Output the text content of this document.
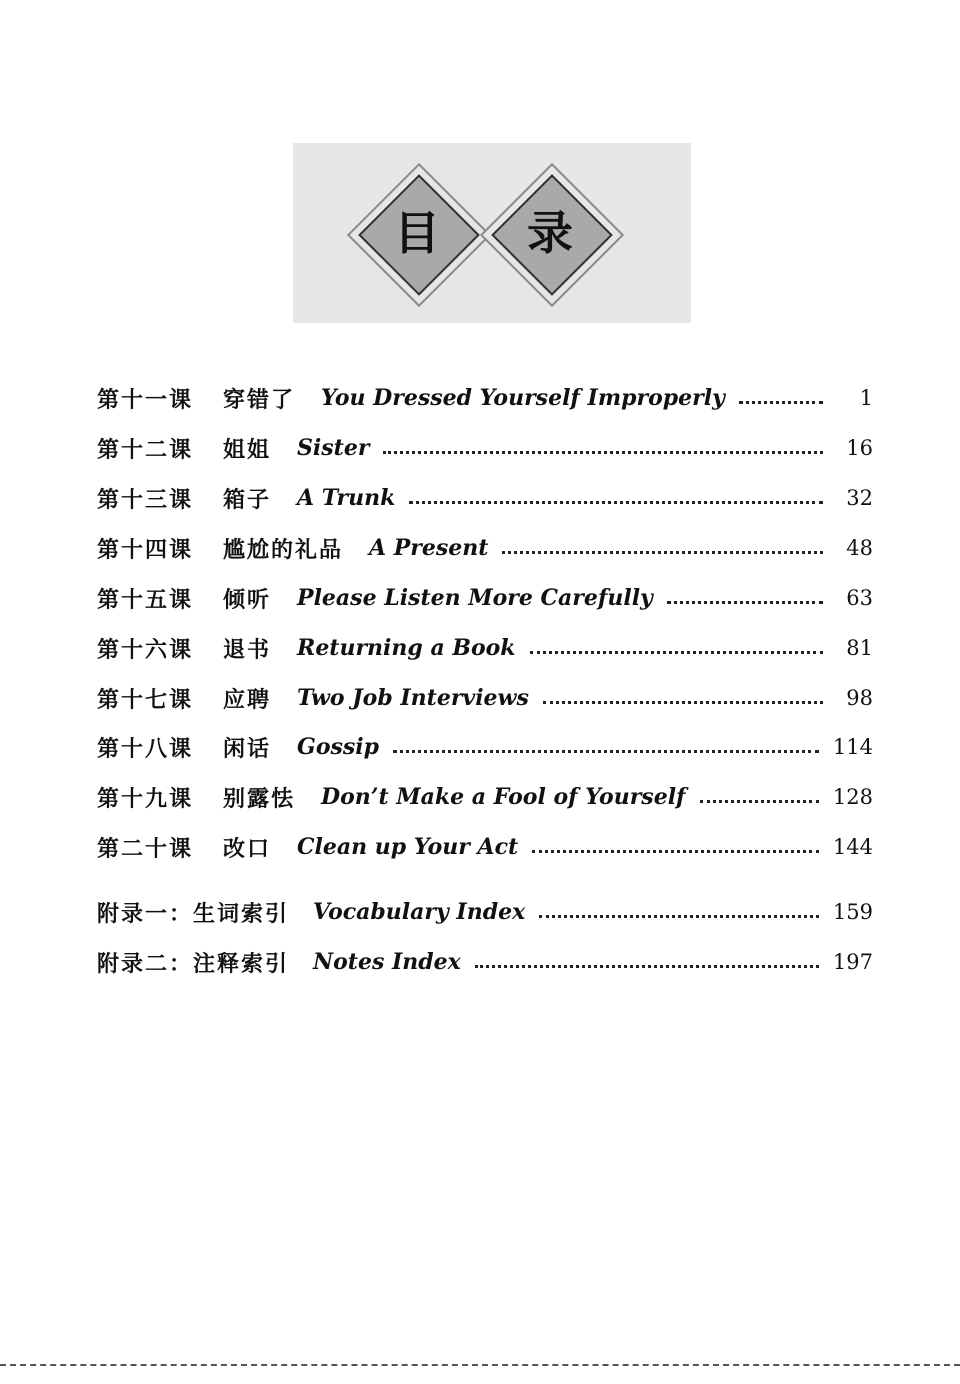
目	录
第十一课 穿错了 You Dressed Yourself Improperly	1
第十二课 姐姐 Sister	16
第十三课 箱子 A Trunk	32
第十四课 尴尬的礼品 A Present	48
第十五课 倾听 Please Listen More Carefully	63
第十六课 退书 Returning a Book	81
第十七课 应聘 Two Job Interviews	98
第十八课 闲话 Gossip	114
第十九课 别露怯 Don’t Make a Fool of Yourself	128
第二十课 改口 Clean up Your Act	144
附录一：生词索引 Vocabulary Index	159
附录二：注释索引 Notes Index	197
